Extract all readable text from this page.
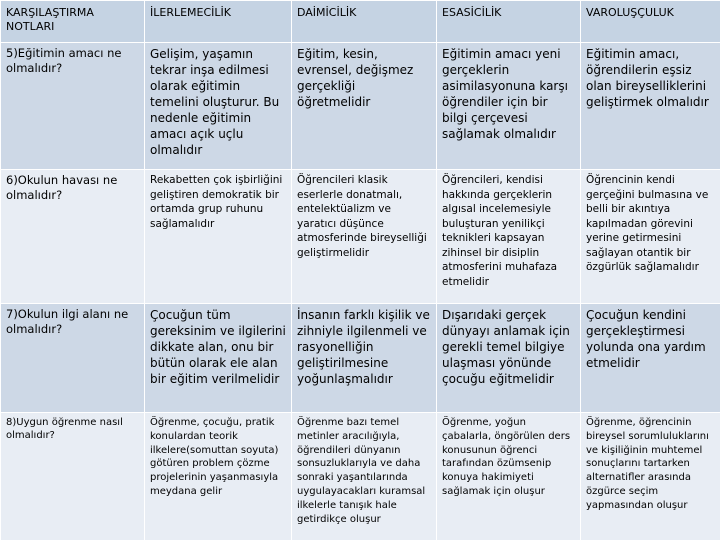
KARŞILAŞTIRMA NOTLARI	İLERLEMECİLİK	DAİMİCİLİK	ESASİCİLİK	VAROLUŞÇULUK
5)Eğitimin amacı ne olmalıdır?	Gelişim, yaşamın tekrar inşa edilmesi olarak eğitimin temelini oluşturur. Bu nedenle eğitimin amacı açık uçlu olmalıdır	Eğitim, kesin, evrensel, değişmez gerçekliği öğretmelidir	Eğitimin amacı yeni gerçeklerin asimilasyonuna karşı öğrendiler için bir bilgi çerçevesi sağlamak olmalıdır	Eğitimin amacı, öğrendilerin eşsiz olan bireyselliklerini geliştirmek olmalıdır
6)Okulun havası ne olmalıdır?	Rekabetten çok işbirliğini geliştiren demokratik bir ortamda grup ruhunu sağlamalıdır	Öğrencileri klasik eserlerle donatmalı, entelektüalizm ve yaratıcı düşünce atmosferinde bireyselliği geliştirmelidir	Öğrencileri, kendisi hakkında gerçeklerin algısal incelemesiyle buluşturan yenilikçi teknikleri kapsayan zihinsel bir disiplin atmosferini muhafaza etmelidir	Öğrencinin kendi gerçeğini bulmasına ve belli bir akıntıya kapılmadan görevini yerine getirmesini sağlayan otantik bir özgürlük sağlamalıdır
7)Okulun ilgi alanı ne olmalıdır?	Çocuğun tüm gereksinim ve ilgilerini dikkate alan, onu bir bütün olarak ele alan bir eğitim verilmelidir	İnsanın farklı kişilik ve zihniyle ilgilenmeli ve rasyonelliğin geliştirilmesine yoğunlaşmalıdır	Dışarıdaki gerçek dünyayı anlamak için gerekli temel bilgiye ulaşması yönünde çocuğu eğitmelidir	Çocuğun kendini gerçekleştirmesi yolunda ona yardım etmelidir
8)Uygun öğrenme nasıl olmalıdır?	Öğrenme, çocuğu, pratik konulardan teorik ilkelere(somuttan soyuta) götüren problem çözme projelerinin yaşanmasıyla meydana gelir	Öğrenme bazı temel metinler aracılığıyla, öğrendileri dünyanın sonsuzluklarıyla ve daha sonraki yaşantılarında uygulayacakları kuramsal ilkelerle tanışık hale getirdikçe oluşur	Öğrenme, yoğun çabalarla, öngörülen ders konusunun öğrenci tarafından özümsenip konuya hakimiyeti sağlamak için oluşur	Öğrenme, öğrencinin bireysel sorumluluklarını ve kişiliğinin muhtemel sonuçlarını tartarken alternatifler arasında özgürce seçim yapmasından oluşur
